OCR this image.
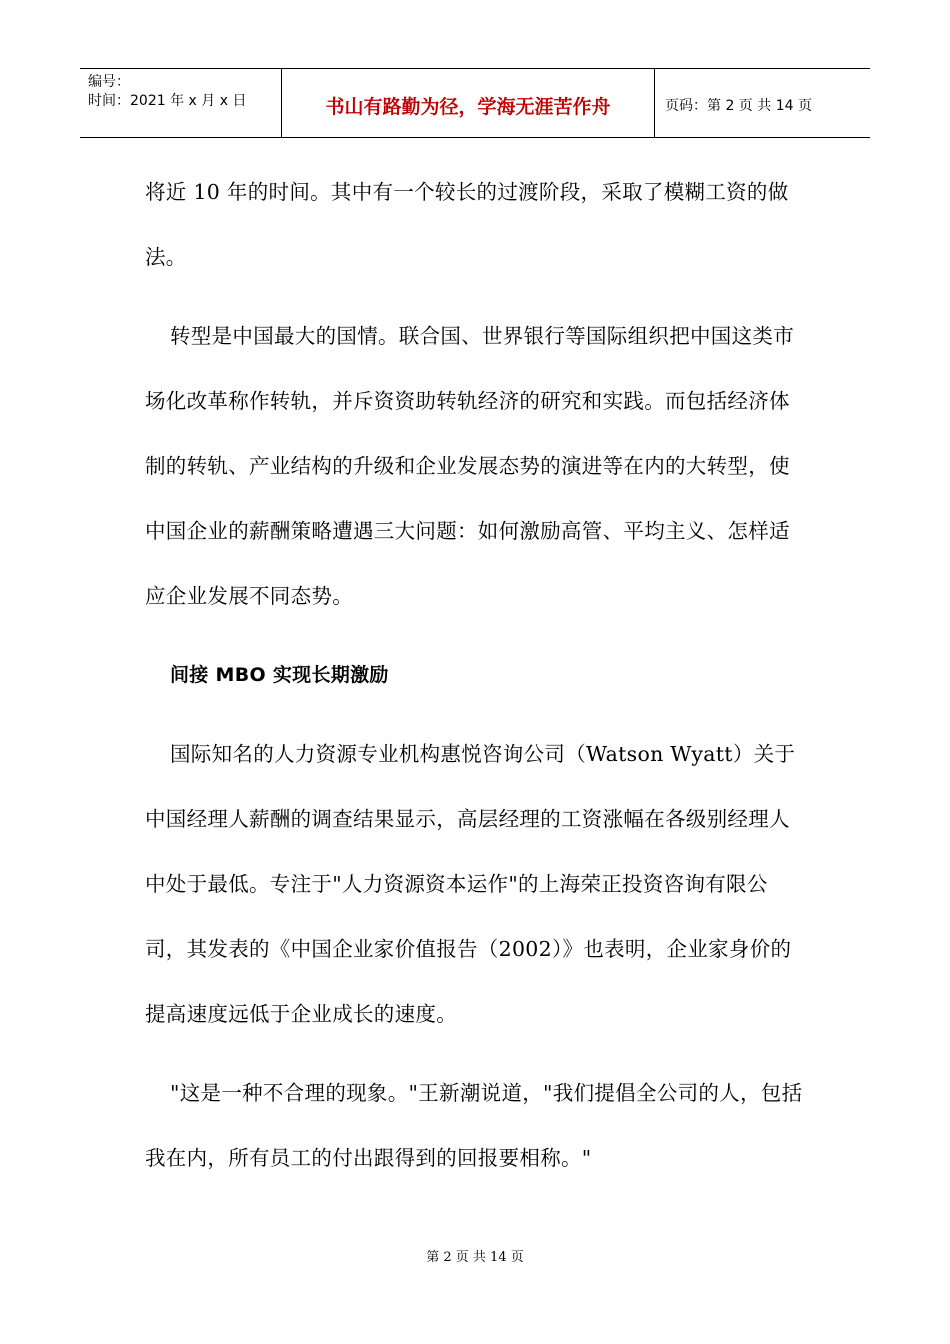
编号：
时间：2021 年 x 月 x 日	书山有路勤为径，学海无涯苦作舟	页码：第 2 页 共 14 页

将近 10 年的时间。其中有一个较长的过渡阶段，采取了模糊工资的做法。

转型是中国最大的国情。联合国、世界银行等国际组织把中国这类市场化改革称作转轨，并斥资资助转轨经济的研究和实践。而包括经济体制的转轨、产业结构的升级和企业发展态势的演进等在内的大转型，使中国企业的薪酬策略遭遇三大问题：如何激励高管、平均主义、怎样适应企业发展不同态势。

间接 MBO 实现长期激励

国际知名的人力资源专业机构惠悦咨询公司（Watson Wyatt）关于中国经理人薪酬的调查结果显示，高层经理的工资涨幅在各级别经理人中处于最低。专注于"人力资源资本运作"的上海荣正投资咨询有限公司，其发表的《中国企业家价值报告（2002）》也表明，企业家身价的提高速度远低于企业成长的速度。

"这是一种不合理的现象。"王新潮说道，"我们提倡全公司的人，包括我在内，所有员工的付出跟得到的回报要相称。"

第 2 页 共 14 页
